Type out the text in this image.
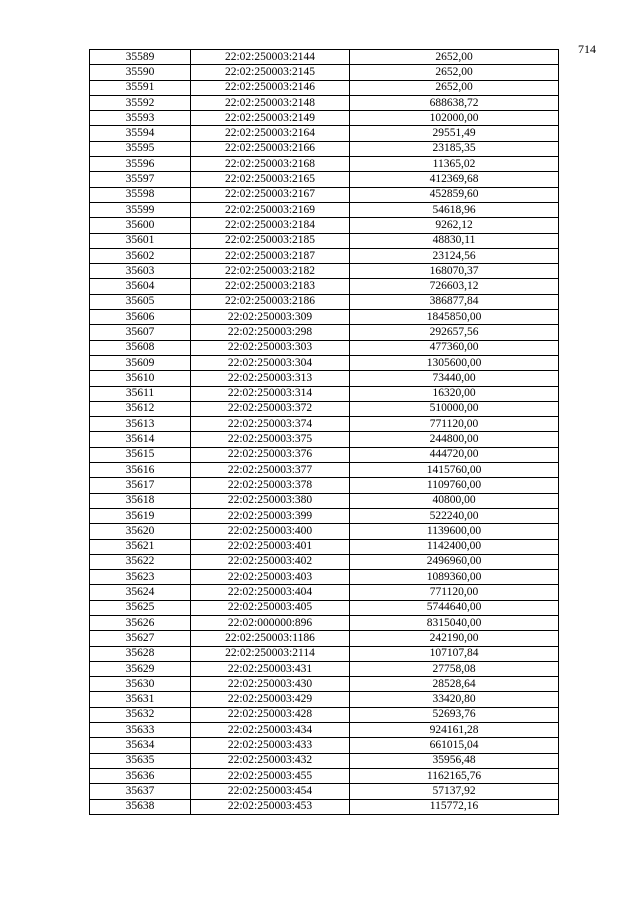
714
35589	22:02:250003:2144	2652,00
35590	22:02:250003:2145	2652,00
35591	22:02:250003:2146	2652,00
35592	22:02:250003:2148	688638,72
35593	22:02:250003:2149	102000,00
35594	22:02:250003:2164	29551,49
35595	22:02:250003:2166	23185,35
35596	22:02:250003:2168	11365,02
35597	22:02:250003:2165	412369,68
35598	22:02:250003:2167	452859,60
35599	22:02:250003:2169	54618,96
35600	22:02:250003:2184	9262,12
35601	22:02:250003:2185	48830,11
35602	22:02:250003:2187	23124,56
35603	22:02:250003:2182	168070,37
35604	22:02:250003:2183	726603,12
35605	22:02:250003:2186	386877,84
35606	22:02:250003:309	1845850,00
35607	22:02:250003:298	292657,56
35608	22:02:250003:303	477360,00
35609	22:02:250003:304	1305600,00
35610	22:02:250003:313	73440,00
35611	22:02:250003:314	16320,00
35612	22:02:250003:372	510000,00
35613	22:02:250003:374	771120,00
35614	22:02:250003:375	244800,00
35615	22:02:250003:376	444720,00
35616	22:02:250003:377	1415760,00
35617	22:02:250003:378	1109760,00
35618	22:02:250003:380	40800,00
35619	22:02:250003:399	522240,00
35620	22:02:250003:400	1139600,00
35621	22:02:250003:401	1142400,00
35622	22:02:250003:402	2496960,00
35623	22:02:250003:403	1089360,00
35624	22:02:250003:404	771120,00
35625	22:02:250003:405	5744640,00
35626	22:02:000000:896	8315040,00
35627	22:02:250003:1186	242190,00
35628	22:02:250003:2114	107107,84
35629	22:02:250003:431	27758,08
35630	22:02:250003:430	28528,64
35631	22:02:250003:429	33420,80
35632	22:02:250003:428	52693,76
35633	22:02:250003:434	924161,28
35634	22:02:250003:433	661015,04
35635	22:02:250003:432	35956,48
35636	22:02:250003:455	1162165,76
35637	22:02:250003:454	57137,92
35638	22:02:250003:453	115772,16
